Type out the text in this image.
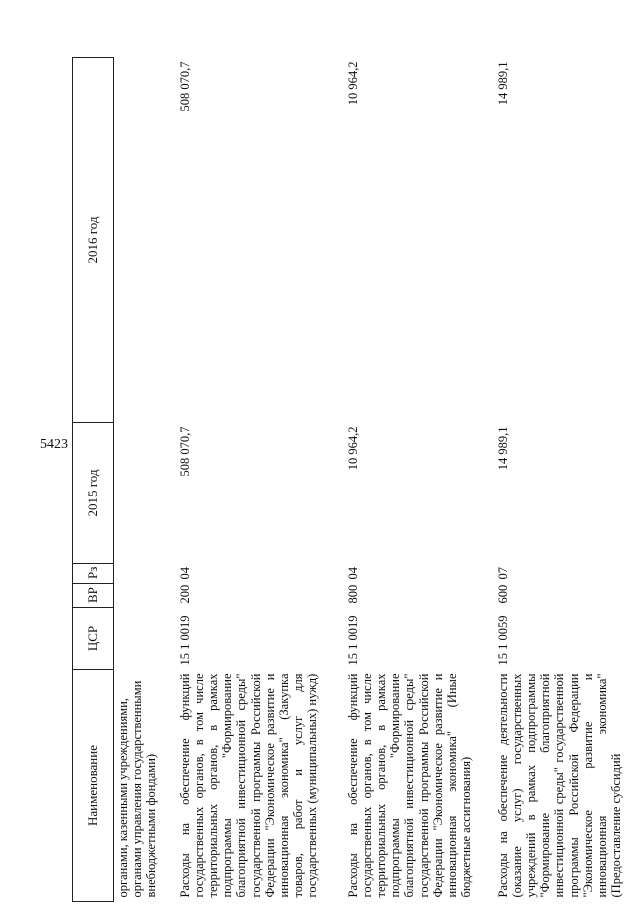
5423
Наименование	ЦСР	ВР	Рз	2015 год	2016 год
органами, казенными учреждениями, органами управления государственными внебюджетными фондами)					
Расходы на обеспечение функций государственных органов, в том числе территориальных органов, в рамках подпрограммы "Формирование благоприятной инвестиционной среды" государственной программы Российской Федерации "Экономическое развитие и инновационная экономика" (Закупка товаров, работ и услуг для государственных (муниципальных) нужд)	15 1 0019	200	04	508 070,7	508 070,7
Расходы на обеспечение функций государственных органов, в том числе территориальных органов, в рамках подпрограммы "Формирование благоприятной инвестиционной среды" государственной программы Российской Федерации "Экономическое развитие и инновационная экономика" (Иные бюджетные ассигнования)	15 1 0019	800	04	10 964,2	10 964,2
Расходы на обеспечение деятельности (оказание услуг) государственных учреждений в рамках подпрограммы "Формирование благоприятной инвестиционной среды" государственной программы Российской Федерации "Экономическое развитие и инновационная экономика" (Предоставление субсидий	15 1 0059	600	07	14 989,1	14 989,1
